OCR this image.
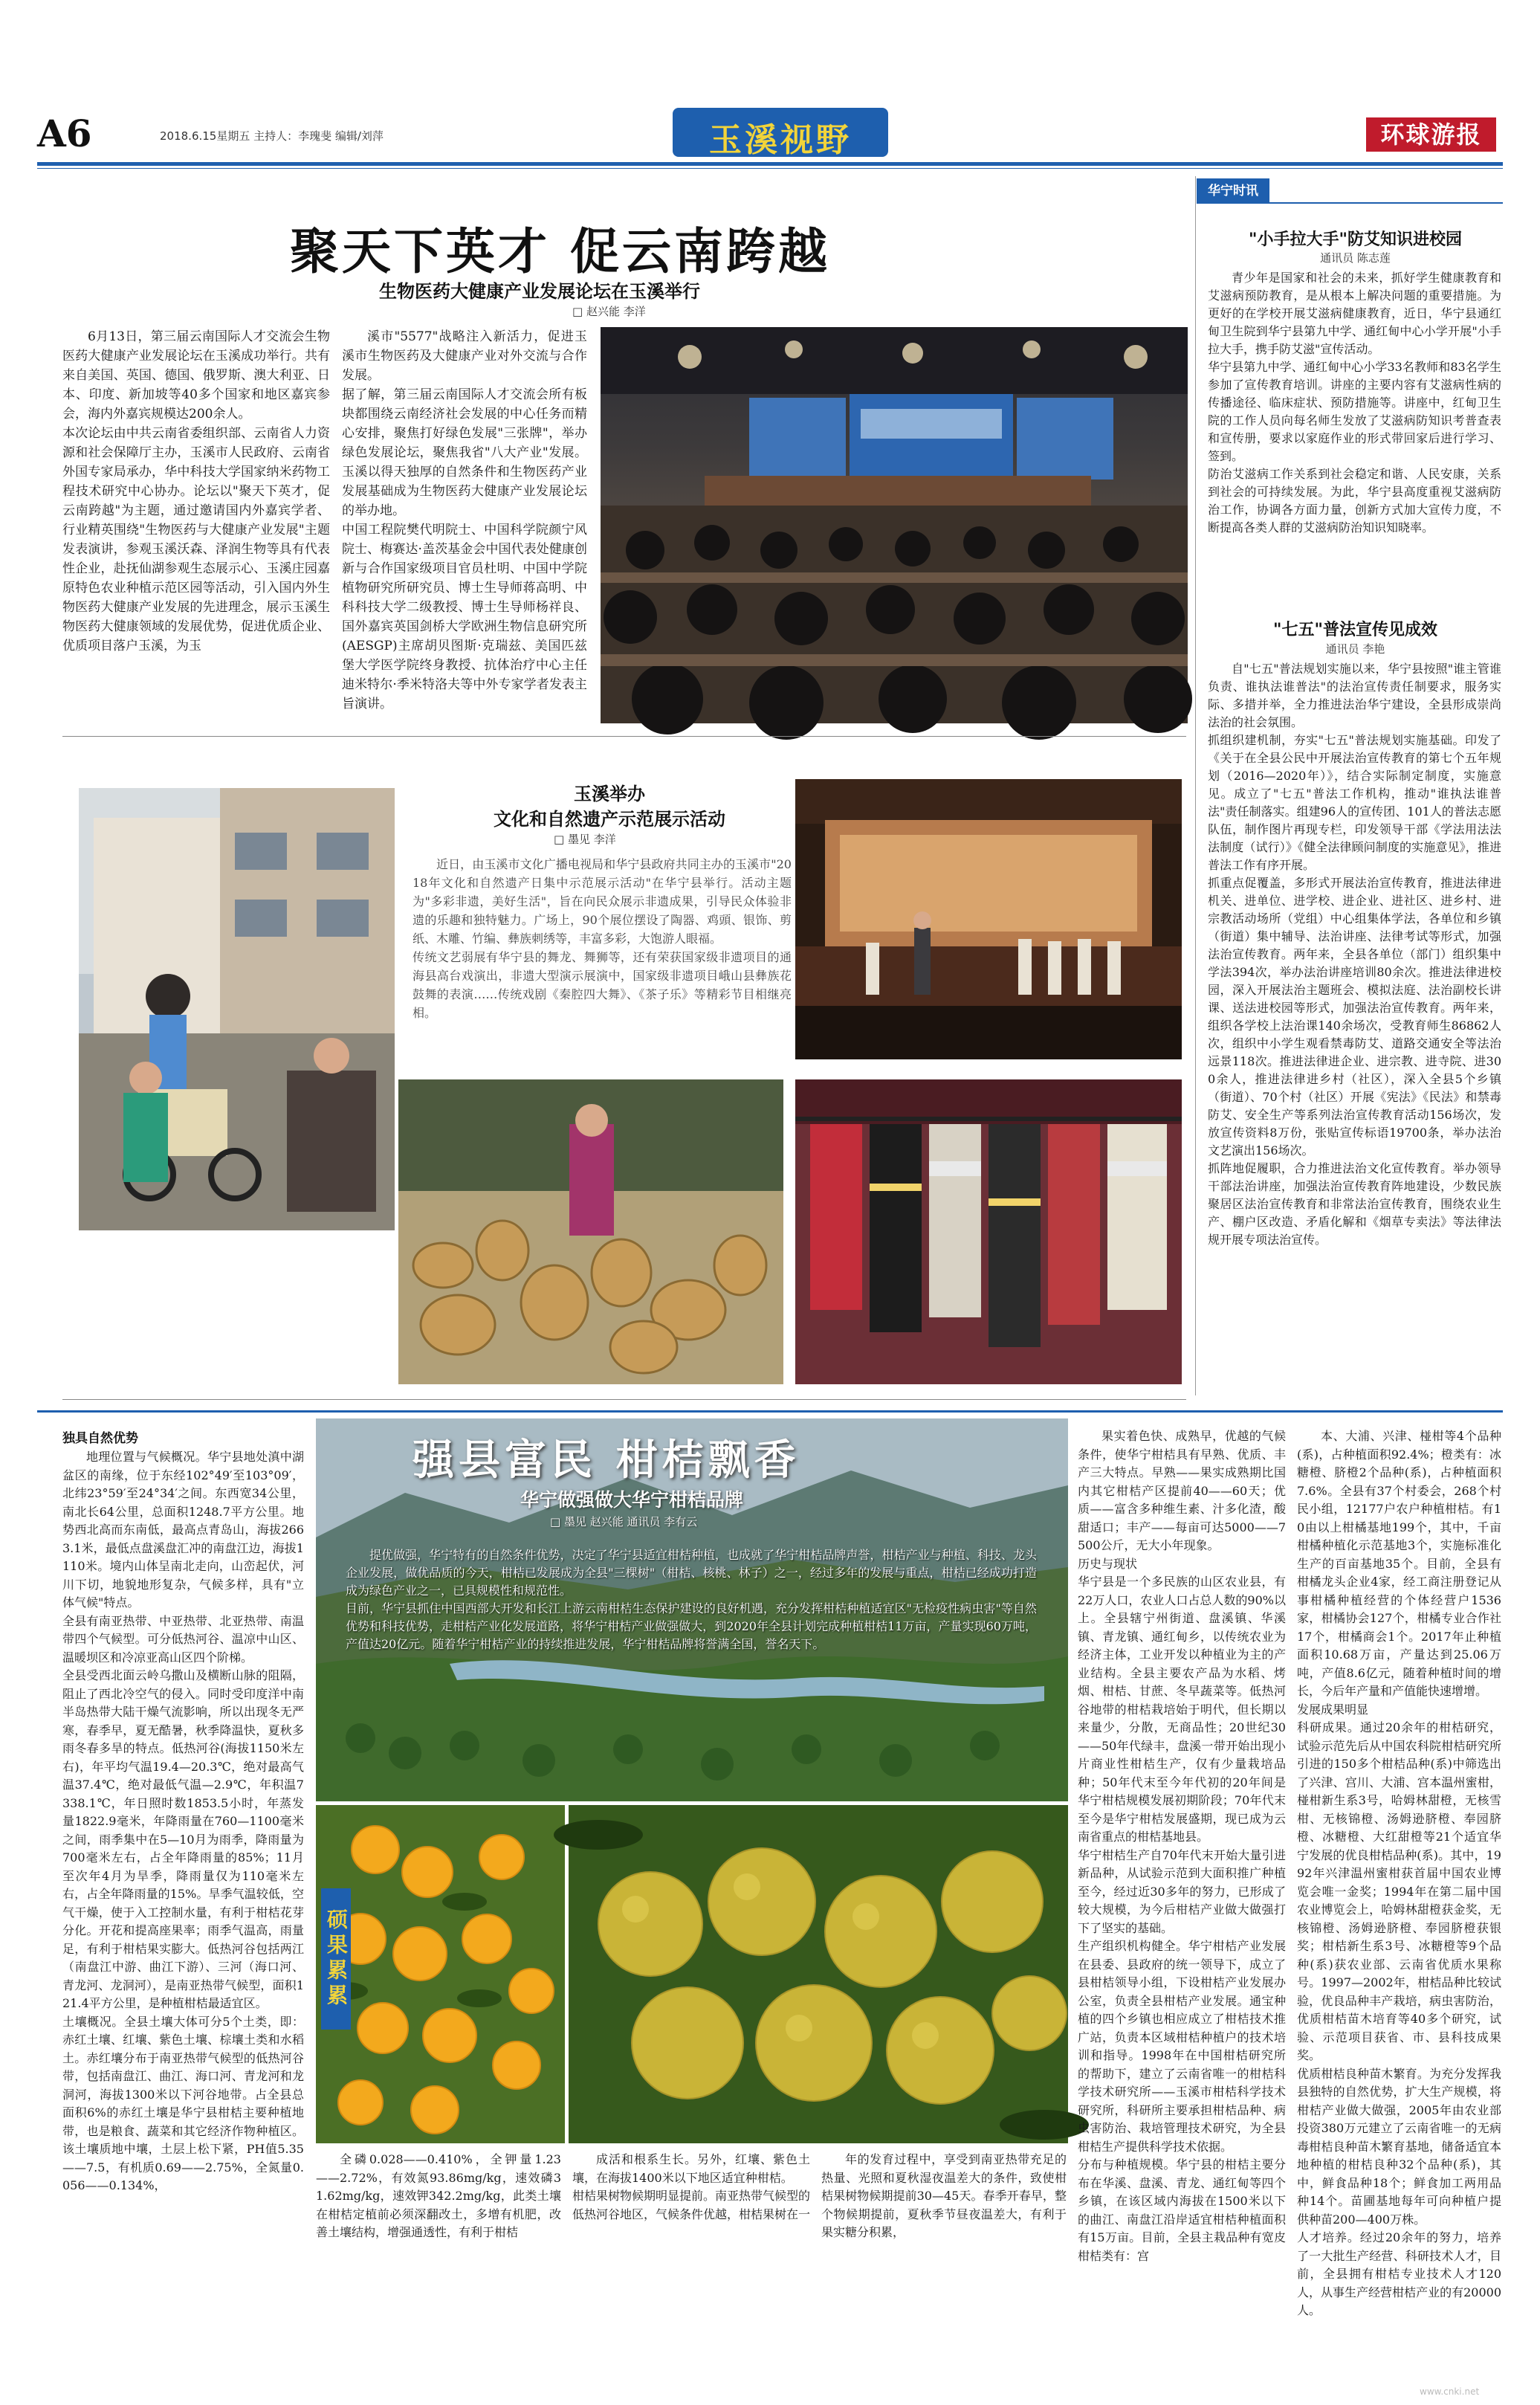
A6	2018.6.15星期五 主持人：李瑰斐 编辑/刘萍	玉溪视野	环球游报
聚天下英才 促云南跨越
生物医药大健康产业发展论坛在玉溪举行
□ 赵兴能 李洋
6月13日，第三届云南国际人才交流会生物医药大健康产业发展论坛在玉溪成功举行。共有来自美国、英国、德国、俄罗斯、澳大利亚、日本、印度、新加坡等40多个国家和地区嘉宾参会，海内外嘉宾规模达200余人。
本次论坛由中共云南省委组织部、云南省人力资源和社会保障厅主办，玉溪市人民政府、云南省外国专家局承办，华中科技大学国家纳米药物工程技术研究中心协办。论坛以"聚天下英才，促云南跨越"为主题，通过邀请国内外嘉宾学者、行业精英围绕"生物医药与大健康产业发展"主题发表演讲，参观玉溪沃森、泽润生物等具有代表性企业，赴抚仙湖参观生态展示心、玉溪庄园嘉原特色农业种植示范区园等活动，引入国内外生物医药大健康产业发展的先进理念，展示玉溪生物医药大健康领域的发展优势，促进优质企业、优质项目落户玉溪，为玉
溪市"5577"战略注入新活力，促进玉溪市生物医药及大健康产业对外交流与合作发展。
据了解，第三届云南国际人才交流会所有板块都围绕云南经济社会发展的中心任务而精心安排，聚焦打好绿色发展"三张牌"，举办绿色发展论坛，聚焦我省"八大产业"发展。玉溪以得天独厚的自然条件和生物医药产业发展基础成为生物医药大健康产业发展论坛的举办地。
中国工程院樊代明院士、中国科学院颜宁风院士、梅赛达·盖茨基金会中国代表处健康创新与合作国家级项目官员杜明、中国中学院植物研究所研究员、博士生导师蒋高明、中科科技大学二级教授、博士生导师杨祥良、国外嘉宾英国剑桥大学欧洲生物信息研究所(AESGP)主席胡贝图斯·克瑞兹、美国匹兹堡大学医学院终身教授、抗体治疗中心主任迪米特尔·季米特洛夫等中外专家学者发表主旨演讲。
玉溪举办
文化和自然遗产示范展示活动
□ 墨见 李洋
近日，由玉溪市文化广播电视局和华宁县政府共同主办的玉溪市"2018年文化和自然遗产日集中示范展示活动"在华宁县举行。活动主题为"多彩非遗，美好生活"，旨在向民众展示非遗成果，引导民众体验非遗的乐趣和独特魅力。广场上，90个展位摆设了陶器、鸡頭、银饰、剪纸、木雕、竹编、彝族刺绣等，丰富多彩，大饱游人眼福。
传统文艺弱展有华宁县的舞龙、舞狮等，还有荣获国家级非遗项目的通海县高台戏演出，非遗大型演示展演中，国家级非遗项目峨山县彝族花鼓舞的表演……传统戏剧《秦腔四大舞》、《茶子乐》等精彩节目相继亮相。
华宁时讯
"小手拉大手"防艾知识进校园
通讯员 陈志莲
青少年是国家和社会的未来，抓好学生健康教育和艾滋病预防教育，是从根本上解决问题的重要措施。为更好的在学校开展艾滋病健康教育，近日，华宁县通红甸卫生院到华宁县第九中学、通红甸中心小学开展"小手拉大手，携手防艾滋"宣传活动。
华宁县第九中学、通红甸中心小学33名教师和83名学生参加了宣传教育培训。讲座的主要内容有艾滋病性病的传播途径、临床症状、预防措施等。讲座中，红甸卫生院的工作人员向每名师生发放了艾滋病防知识考普查表和宣传册，要求以家庭作业的形式带回家后进行学习、签到。
防治艾滋病工作关系到社会稳定和谐、人民安康，关系到社会的可持续发展。为此，华宁县高度重视艾滋病防治工作，协调各方面力量，创新方式加大宣传力度，不断提高各类人群的艾滋病防治知识知晓率。
"七五"普法宣传见成效
通讯员 李艳
自"七五"普法规划实施以来，华宁县按照"谁主管谁负责、谁执法谁普法"的法治宣传责任制要求，服务实际、多措并举，全力推进法治华宁建设，全县形成崇尚法治的社会氛围。
抓组织建机制，夯实"七五"普法规划实施基础。印发了《关于在全县公民中开展法治宣传教育的第七个五年规划（2016—2020年）》，结合实际制定制度，实施意见。成立了"七五"普法工作机构，推动"谁执法谁普法"责任制落实。组建96人的宣传团、101人的普法志愿队伍，制作图片再现专栏，印发领导干部《学法用法法法制度（试行）》《健全法律顾问制度的实施意见》，推进普法工作有序开展。
抓重点促覆盖，多形式开展法治宣传教育，推进法律进机关、进单位、进学校、进企业、进社区、进乡村、进宗教活动场所（党组）中心组集体学法，各单位和乡镇（街道）集中辅导、法治讲座、法律考试等形式，加强法治宣传教育。两年来，全县各单位（部门）组织集中学法394次，举办法治讲座培训80余次。推进法律进校园，深入开展法治主题班会、模拟法庭、法治副校长讲课、送法进校园等形式，加强法治宣传教育。两年来，组织各学校上法治课140余场次，受教育师生86862人次，组织中小学生观看禁毒防艾、道路交通安全等法治远景118次。推进法律进企业、进宗教、进寺院、进300余人，推进法律进乡村（社区），深入全县5个乡镇（街道）、70个村（社区）开展《宪法》《民法》和禁毒防艾、安全生产等系列法治宣传教育活动156场次，发放宣传资料8万份，张贴宣传标语19700条，举办法治文艺演出156场次。
抓阵地促履职，合力推进法治文化宣传教育。举办领导干部法治讲座，加强法治宣传教育阵地建设，少数民族聚居区法治宣传教育和非常法治宣传教育，围绕农业生产、棚户区改造、矛盾化解和《烟草专卖法》等法律法规开展专项法治宣传。
独具自然优势
地理位置与气候概况。华宁县地处滇中湖盆区的南缘，位于东经102°49′至103°09′，北纬23°59′至24°34′之间。东西宽34公里，南北长64公里，总面积1248.7平方公里。地势西北高而东南低，最高点青岛山，海拔2663.1米，最低点盘溪盘汇冲的南盘江边，海拔1110米。境内山体呈南北走向，山峦起伏，河川下切，地貌地形复杂，气候多样，具有"立体气候"特点。
全县有南亚热带、中亚热带、北亚热带、南温带四个气候型。可分低热河谷、温凉中山区、温暖坝区和冷凉亚高山区四个阶梯。
全县受西北面云岭乌撒山及横断山脉的阻隔，阻止了西北冷空气的侵入。同时受印度洋中南半岛热带大陆干燥气流影响，所以出现冬无严寒，春季早，夏无酷暑，秋季降温快，夏秋多雨冬春多旱的特点。低热河谷(海拔1150米左右)，年平均气温19.4—20.3℃，绝对最高气温37.4℃，绝对最低气温—2.9℃，年积温7338.1℃，年日照时数1853.5小时，年蒸发量1822.9毫米，年降雨量在760—1100毫米之间，雨季集中在5—10月为雨季，降雨量为700毫米左右，占全年降雨量的85%；11月至次年4月为旱季，降雨量仅为110毫米左右，占全年降雨量的15%。旱季气温较低，空气干燥，使于入工控制水量，有利于柑桔花芽分化。开花和提高座果率；雨季气温高，雨量足，有利于柑桔果实膨大。低热河谷包括两江（南盘江中游、曲江下游）、三河（海口河、青龙河、龙洞河），是南亚热带气候型，面积121.4平方公里，是种植柑桔最适宜区。
土壤概况。全县土壤大体可分5个土类，即：赤红土壤、红壤、紫色土壤、棕壤土类和水稻土。赤红壤分布于南亚热带气候型的低热河谷带，包括南盘江、曲江、海口河、青龙河和龙洞河，海拔1300米以下河谷地带。占全县总面积6%的赤红土壤是华宁县柑桔主要种植地带，也是粮食、蔬菜和其它经济作物种植区。该土壤质地中壤，土层上松下紧，PH值5.35——7.5，有机质0.69——2.75%，全氮量0.056——0.134%，
强县富民 柑桔飘香
华宁做强做大华宁柑桔品牌
□ 墨见 赵兴能 通讯员 李有云
提优做强，华宁特有的自然条件优势，决定了华宁县适宜柑桔种植，也成就了华宁柑桔品牌声誉，柑桔产业与种植、科技、龙头企业发展，做优品质的今天，柑桔已发展成为全县"三棵树"（柑桔、核桃、林子）之一，经过多年的发展与重点，柑桔已经成功打造成为绿色产业之一，已具规模性和规范性。
目前，华宁县抓住中国西部大开发和长江上游云南柑桔生态保护建设的良好机遇，充分发挥柑桔种植适宜区"无检疫性病虫害"等自然优势和科技优势，走柑桔产业化发展道路，将华宁柑桔产业做强做大，到2020年全县计划完成种植柑桔11万亩，产量实现60万吨，产值达20亿元。随着华宁柑桔产业的持续推进发展，华宁柑桔品牌将誉满全国，誉名天下。
硕果累累
全磷0.028——0.410%，全钾量1.23——2.72%，有效氮93.86mg/kg，速效磷31.62mg/kg，速效钾342.2mg/kg，此类土壤在柑桔定植前必须深翻改土，多增有机肥，改善土壤结构，增强通透性，有利于柑桔
成活和根系生长。另外，红壤、紫色土壤，在海拔1400米以下地区适宜种柑桔。
柑桔果树物候期明显提前。南亚热带气候型的低热河谷地区，气候条件优越，柑桔果树在一
年的发育过程中，享受到南亚热带充足的热量、光照和夏秋湿夜温差大的条件，致使柑桔果树物候期提前30—45天。春季开春早，整个物候期提前，夏秋季节昼夜温差大，有利于果实糖分积累，
果实着色快、成熟早，优越的气候条件，使华宁柑桔具有早熟、优质、丰产三大特点。早熟——果实成熟期比国内其它柑桔产区提前40——60天；优质——富含多种维生素、汁多化渣，酸甜适口；丰产——每亩可达5000——7500公斤，无大小年现象。
历史与现状
华宁县是一个多民族的山区农业县，有22万人口，农业人口占总人数的90%以上。全县辖宁州街道、盘溪镇、华溪镇、青龙镇、通红甸乡，以传统农业为经济主体，工业开发以种植业为主的产业结构。全县主要农产品为水稻、烤烟、柑桔、甘蔗、冬早蔬菜等。低热河谷地带的柑桔栽培始于明代，但长期以来量少，分散，无商品性；20世纪30——50年代绿丰，盘溪一带开始出现小片商业性柑桔生产，仅有少量栽培品种；50年代末至今年代初的20年间是华宁柑桔规模发展初期阶段；70年代末至今是华宁柑桔发展盛期，现已成为云南省重点的柑桔基地县。
华宁柑桔生产自70年代末开始大量引进新品种，从试验示范到大面积推广种植至今，经过近30多年的努力，已形成了较大规模，为今后柑桔产业做大做强打下了坚实的基础。
生产组织机构健全。华宁柑桔产业发展在县委、县政府的统一领导下，成立了县柑桔领导小组，下设柑桔产业发展办公室，负责全县柑桔产业发展。通宝种植的四个乡镇也相应成立了柑桔技术推广站，负责本区域柑桔种植户的技术培训和指导。1998年在中国柑桔研究所的帮助下，建立了云南省唯一的柑桔科学技术研究所——玉溪市柑桔科学技术研究所，科研所主要承担柑桔品种、病虫害防治、栽培管理技术研究，为全县柑桔生产提供科学技术依据。
分布与种植规模。华宁县的柑桔主要分布在华溪、盘溪、青龙、通红甸等四个乡镇，在该区域内海拔在1500米以下的曲江、南盘江沿岸适宜柑桔种植面积有15万亩。目前，全县主栽品种有宽皮柑桔类有：宫
本、大浦、兴津、椪柑等4个品种(系)，占种植面积92.4%；橙类有：冰糖橙、脐橙2个品种(系)，占种植面积7.6%。全县有37个村委会，268个村民小组，12177户农户种植柑桔。有10由以上柑橘基地199个，其中，千亩柑橘种植化示范基地3个，实施标准化生产的百亩基地35个。目前，全县有柑橘龙头企业4家，经工商注册登记从事柑橘种植经营的个体经营户1536家，柑橘协会127个，柑橘专业合作社17个，柑橘商会1个。2017年止种植面积10.68万亩，产量达到25.06万吨，产值8.6亿元，随着种植时间的增长，今后年产量和产值能快速增增。
发展成果明显
科研成果。通过20余年的柑桔研究，试验示范先后从中国农科院柑桔研究所引进的150多个柑桔品种(系)中筛选出了兴津、宫川、大浦、宫本温州蜜柑，椪柑新生系3号，哈姆林甜橙，无核雪柑、无核锦橙、汤姆逊脐橙、奉园脐橙、冰糖橙、大红甜橙等21个适宜华宁发展的优良柑桔品种(系)。其中，1992年兴津温州蜜柑获首届中国农业博览会唯一金奖；1994年在第二届中国农业博览会上，哈姆林甜橙获金奖，无核锦橙、汤姆逊脐橙、奉园脐橙获银奖；柑桔新生系3号、冰糖橙等9个品种(系)获农业部、云南省优质水果称号。1997—2002年，柑桔品种比较试验，优良品种丰产栽培，病虫害防治，优质柑桔苗木培育等40多个研究，试验、示范项目获省、市、县科技成果奖。
优质柑桔良种苗木繁育。为充分发挥我县独特的自然优势，扩大生产规模，将柑桔产业做大做强，2005年由农业部投资380万元建立了云南省唯一的无病毒柑桔良种苗木繁育基地，储备适宜本地种植的柑桔良种32个品种(系)，其中，鲜食品种18个；鲜食加工两用品种14个。苗圃基地每年可向种植户提供种苗200—400万株。
人才培养。经过20余年的努力，培养了一大批生产经营、科研技术人才，目前，全县拥有柑桔专业技术人才120人，从事生产经营柑桔产业的有20000人。
www.cnki.net
